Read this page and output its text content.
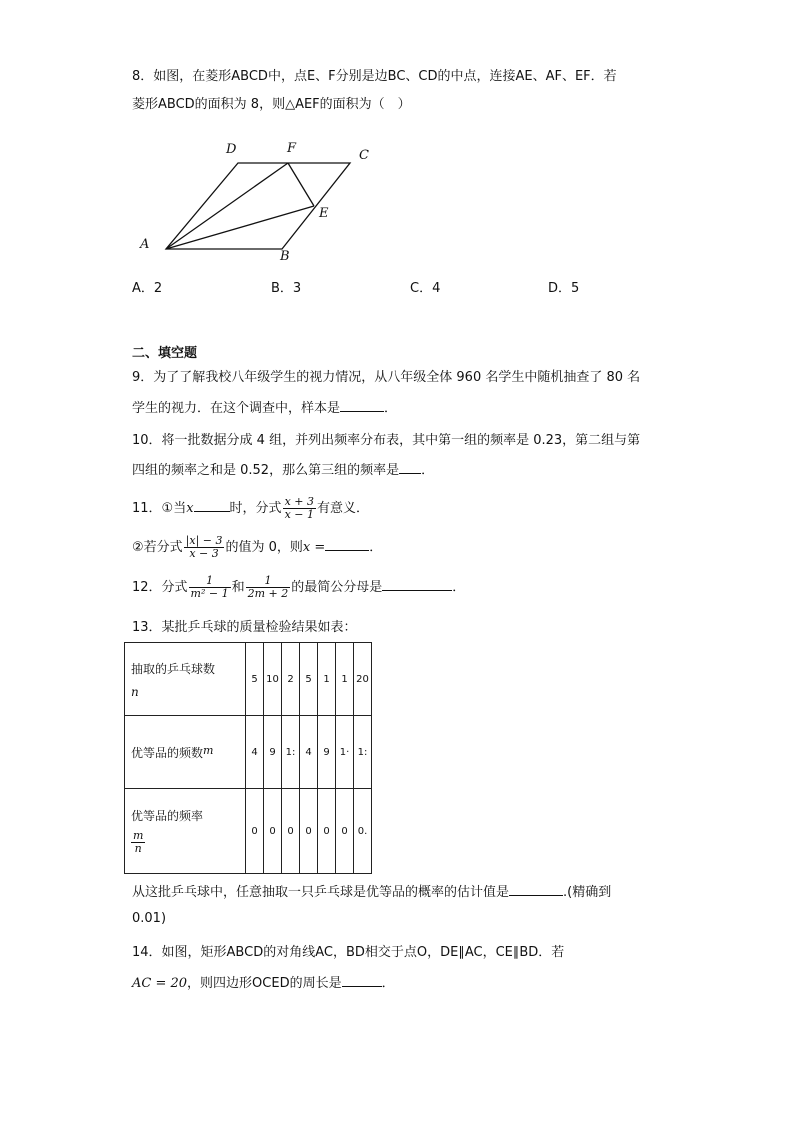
8．如图，在菱形ABCD中，点E、F分别是边BC、CD的中点，连接AE、AF、EF．若
菱形ABCD的面积为 8，则△AEF的面积为（　）
A
B
C
D
E
F
A．2	B．3	C．4	D．5
二、填空题
9．为了了解我校八年级学生的视力情况，从八年级全体 960 名学生中随机抽查了 80 名
学生的视力．在这个调查中，样本是	．
10．将一批数据分成 4 组，并列出频率分布表，其中第一组的频率是 0.23，第二组与第
四组的频率之和是 0.52，那么第三组的频率是 ．
11．①当x	时，分式 $\frac{x + 3}{x - 1}$ 有意义．
②若分式 $\frac{|x| - 3}{x - 3}$ 的值为 0，则x =	．
12．分式 $\frac{1}{\text{m² − 1}}$ 和 $\frac{1}{2m + 2}$ 的最简公分母是	．
13．某批乒乓球的质量检验结果如表：
抽取的乒乓球数
n	5	10	2	5	1	1	20
优等品的频数m	4	9	1:	4	9	1·	1:

优等品的频率
$\frac{m}{n}$	0	0	0	0	0	0	0.
从这批乒乓球中，任意抽取一只乒乓球是优等品的概率的估计值是	.(精确到
0.01)
14．如图，矩形ABCD的对角线AC，BD相交于点O，DE∥AC，CE∥BD．若
AC = 20，则四边形OCED的周长是	．
